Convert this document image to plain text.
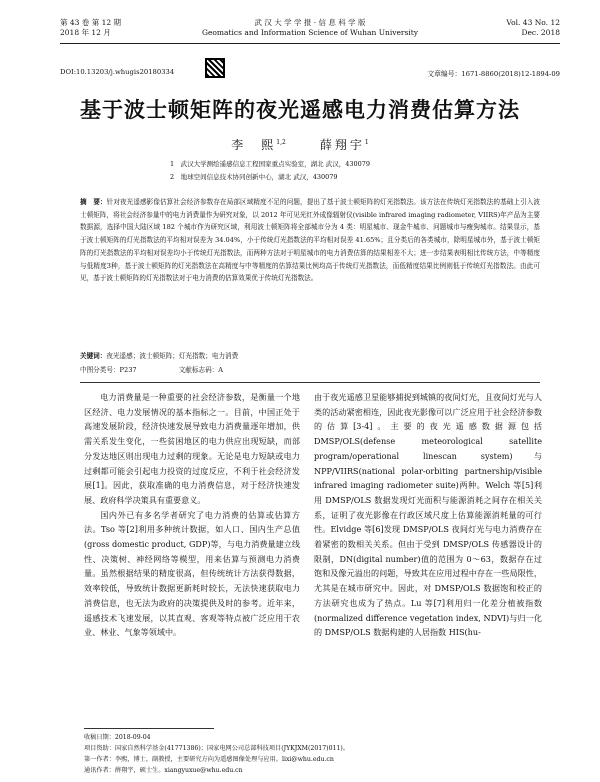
第 43 卷 第 12 期
2018 年 12 月
武 汉 大 学 学 报 · 信 息 科 学 版
Geomatics and Information Science of Wuhan University
Vol. 43 No. 12
Dec. 2018
DOI:10.13203/j.whugis20180334	文章编号：1671-8860(2018)12-1894-09
基于波士顿矩阵的夜光遥感电力消费估算方法
李　熙$^{1,2}$	薛翔宇$^1$
1　武汉大学测绘遥感信息工程国家重点实验室，湖北 武汉，430079
2　地球空间信息技术协同创新中心，湖北 武汉，430079
摘　要：针对夜光遥感影像估算社会经济参数存在局部区域精度不足的问题，提出了基于波士顿矩阵的灯光指数法。该方法在传统灯光指数法的基础上引入波士顿矩阵，将社会经济参量中的电力消费量作为研究对象，以 2012 年可见光红外成像辐射仪(visible infrared imaging radiometer, VIIRS)年产品为主要数据源，选择中国大陆区域 182 个城市作为研究区域，利用波士顿矩阵将全部城市分为 4 类：明星城市、现金牛城市、问题城市与瘦狗城市。结果显示，基于波士顿矩阵的灯光指数法的平均相对误差为 34.04%，小于传统灯光指数法的平均相对误差 41.65%；且分类后的各类城市，除明星城市外，基于波士顿矩阵的灯光指数法的平均相对误差均小于传统灯光指数法，而两种方法对于明星城市的电力消费估算的结果相差不大；进一步结果表明相比传统方法，中等精度与低精度3种，基于波士顿矩阵的灯光指数法在高精度与中等精度的估算结果比例均高于传统灯光指数法，而低精度结果比例则低于传统灯光指数法。由此可见，基于波士顿矩阵的灯光指数法对于电力消费的估算效果优于传统灯光指数法。
关键词：夜光遥感；波士顿矩阵；灯光指数；电力消费
中图分类号：P237	文献标志码：A

电力消费量是一种重要的社会经济参数，是衡量一个地区经济、电力发展情况的基本指标之一。目前，中国正处于高速发展阶段，经济快速发展导致电力消费量逐年增加，供需关系发生变化，一些贫困地区的电力供应出现短缺，而部分发达地区则出现电力过剩的现象。无论是电力短缺或电力过剩都可能会引起电力投资的过度反应，不利于社会经济发展[1]。因此，获取准确的电力消费信息，对于经济快速发展、政府科学决策具有重要意义。

国内外已有多名学者研究了电力消费的估算或估算方法。Tso 等[2]利用多种统计数据，如人口、国内生产总值(gross domestic product, GDP)等，与电力消费量建立线性、决策树、神经网络等模型，用来估算与预测电力消费量。虽然根据结果的精度很高，但传统统计方法获得数据，效率较低，导致统计数据更新耗时较长，无法快速获取电力消费信息，也无法为政府的决策提供及时的参考。近年来，遥感技术飞速发展，以其直观、客观等特点被广泛应用于农业、林业、气象等领域中。

由于夜光遥感卫星能够捕捉到城镇的夜间灯光，且夜间灯光与人类的活动紧密相连，因此夜光影像可以广泛应用于社会经济参数的估算[3-4]。主要的夜光遥感数据源包括 DMSP/OLS(defense meteorological satellite program/operational linescan system)与 NPP/VIIRS(national polar-orbiting partnership/visible infrared imaging radiometer suite)两种。Welch 等[5]利用 DMSP/OLS 数据发现灯光面积与能源消耗之间存在相关关系，证明了夜光影像在行政区域尺度上估算能源消耗量的可行性。Elvidge 等[6]发现 DMSP/OLS 夜间灯光与电力消费存在着紧密的数相关关系。但由于受到 DMSP/OLS 传感器设计的限制，DN(digital number)值的范围为 0～63，数据存在过饱和及像元溢出的问题，导致其在应用过程中存在一些局限性，尤其是在城市研究中。因此，对 DMSP/OLS 数据饱和校正的方法研究也成为了热点。Lu 等[7]利用归一化差分植被指数(normalized difference vegetation index, NDVI)与归一化的 DMSP/OLS 数据构建的人居指数 HIS(hu-

收稿日期：2018-09-04
项目资助：国家自然科学基金(41771386)；国家电网公司总部科技项目(JYKJXM(2017)011)。
第一作者：李熙，博士，副教授，主要研究方向为遥感图像处理与应用。lixi@whu.edu.cn
通讯作者：薛翔宇，硕士生。xiangyuxue@whu.edu.cn
